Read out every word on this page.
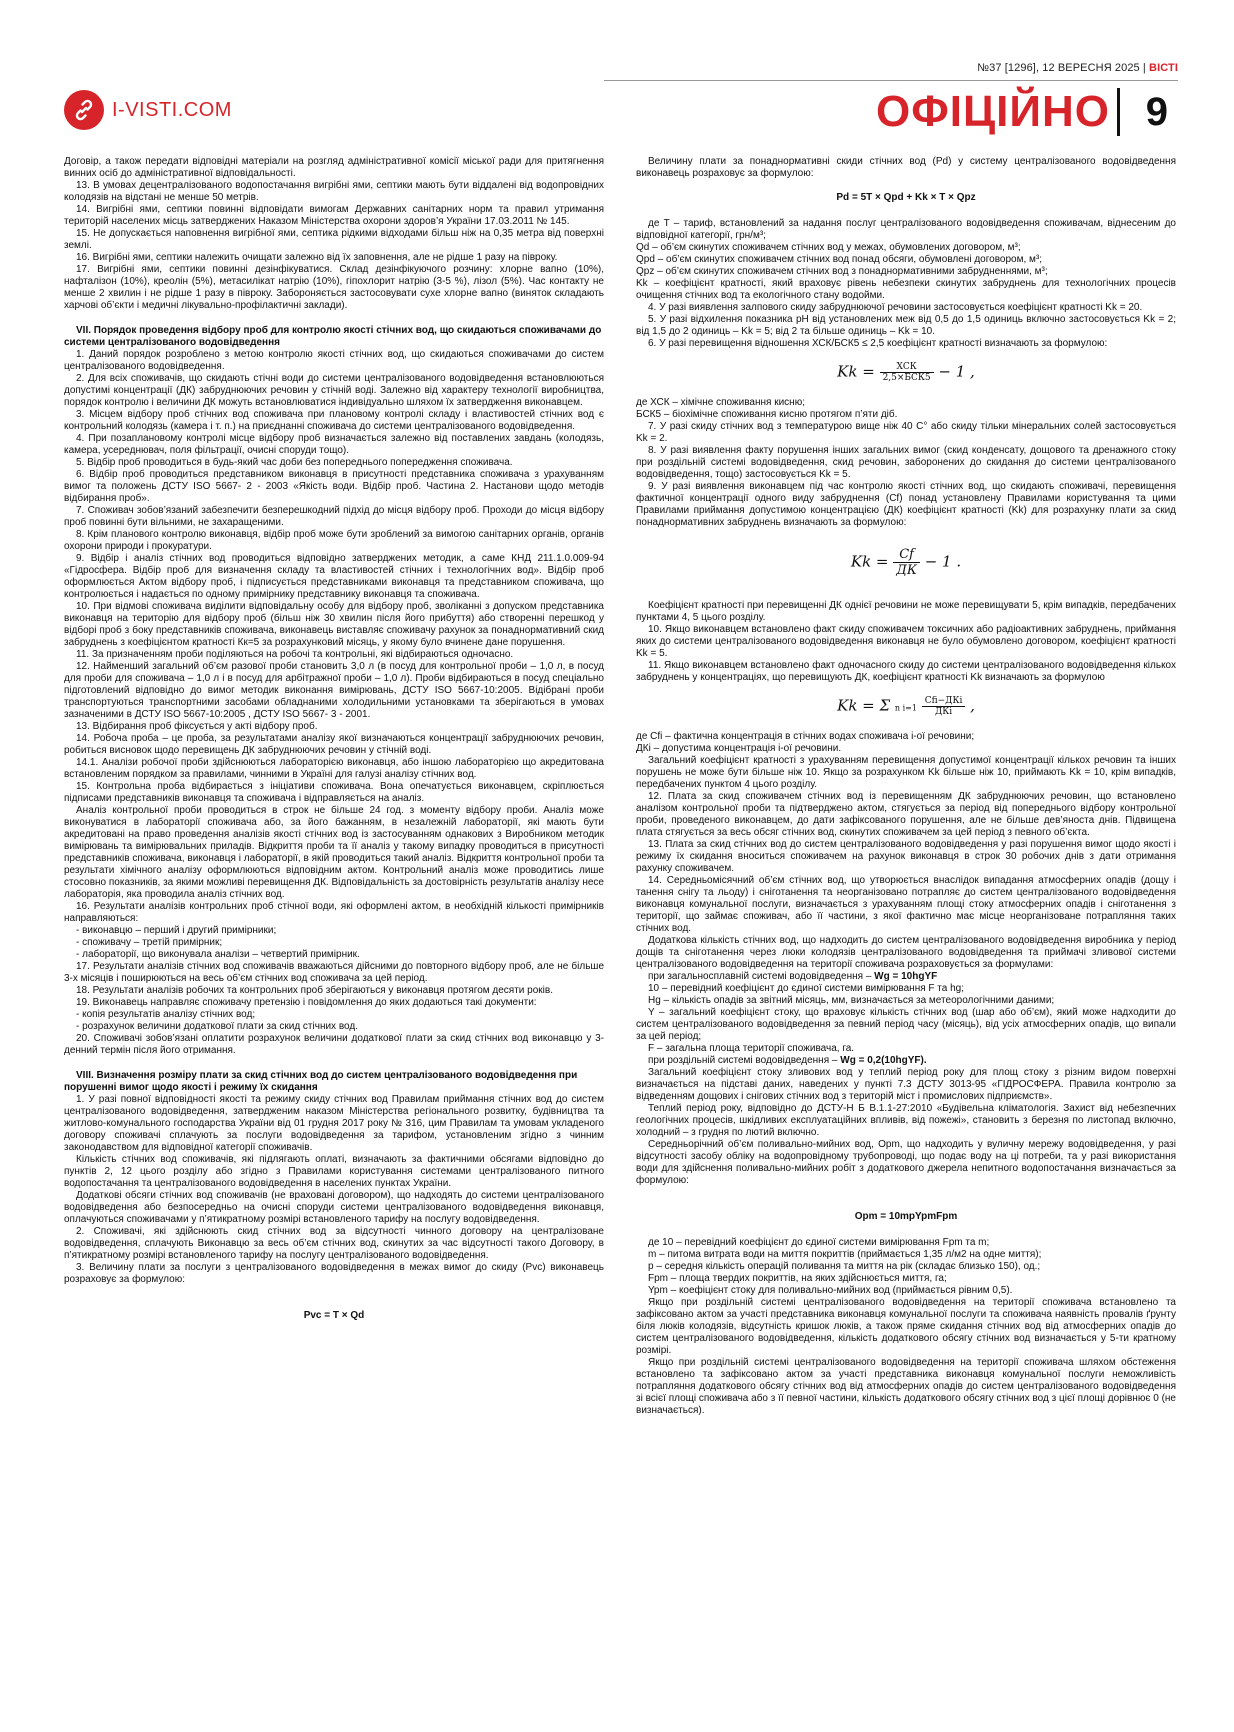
№37 [1296], 12 ВЕРЕСНЯ 2025 | ВІСТІ
I-VISTI.COM	ОФІЦІЙНО 9

Договір, а також передати відповідні матеріали на розгляд адміністративної комісії міської ради для притягнення винних осіб до адміністративної відповідальності.

13. В умовах децентралізованого водопостачання вигрібні ями, септики мають бути віддалені від водопровідних колодязів на відстані не менше 50 метрів.

14. Вигрібні ями, септики повинні відповідати вимогам Державних санітарних норм та правил утримання територій населених місць затверджених Наказом Міністерства охорони здоров’я України 17.03.2011 № 145.

15. Не допускається наповнення вигрібної ями, септика рідкими відходами більш ніж на 0,35 метра від поверхні землі.

16. Вигрібні ями, септики належить очищати залежно від їх заповнення, але не рідше 1 разу на півроку.

17. Вигрібні ями, септики повинні дезінфікуватися. Склад дезінфікуючого розчину: хлорне вапно (10%), нафталізон (10%), креолін (5%), метасилікат натрію (10%), гіпохлорит натрію (3-5 %), лізол (5%). Час контакту не менше 2 хвилин і не рідше 1 разу в півроку. Забороняється застосовувати сухе хлорне вапно (виняток складають харчові об’єкти і медичні лікувально-профілактичні заклади).

VII. Порядок проведення відбору проб для контролю якості стічних вод, що скидаються споживачами до системи централізованого водовідведення

1. Даний порядок розроблено з метою контролю якості стічних вод, що скидаються споживачами до систем централізованого водовідведення.

2. Для всіх споживачів, що скидають стічні води до системи централізованого водовідведення встановлюються допустимі концентрації (ДК) забруднюючих речовин у стічній воді. Залежно від характеру технології виробництва, порядок контролю і величини ДК можуть встановлюватися індивідуально шляхом їх затвердження виконавцем.

3. Місцем відбору проб стічних вод споживача при плановому контролі складу і властивостей стічних вод є контрольний колодязь (камера і т. п.) на приєднанні споживача до системи централізованого водовідведення.

4. При позаплановому контролі місце відбору проб визначається залежно від поставлених завдань (колодязь, камера, усереднювач, поля фільтрації, очисні споруди тощо).

5. Відбір проб проводиться в будь-який час доби без попереднього попередження споживача.

6. Відбір проб проводиться представником виконавця в присутності представника споживача з урахуванням вимог та положень ДСТУ ISO 5667- 2 - 2003 «Якість води. Відбір проб. Частина 2. Настанови щодо методів відбирання проб».

7. Споживач зобов’язаний забезпечити безперешкодний підхід до місця відбору проб. Проходи до місця відбору проб повинні бути вільними, не захаращеними.

8. Крім планового контролю виконавця, відбір проб може бути зроблений за вимогою санітарних органів, органів охорони природи і прокуратури.

9. Відбір і аналіз стічних вод проводиться відповідно затверджених методик, а саме КНД 211.1.0.009-94 «Гідросфера. Відбір проб для визначення складу та властивостей стічних і технологічних вод». Відбір проб оформлюється Актом відбору проб, і підписується представниками виконавця та представником споживача, що контролюється і надається по одному примірнику представнику виконавця та споживача.

10. При відмові споживача виділити відповідальну особу для відбору проб, зволіканні з допуском представника виконавця на територію для відбору проб (більш ніж 30 хвилин після його прибуття) або створенні перешкод у відборі проб з боку представників споживача, виконавець виставляє споживачу рахунок за понаднормативний скид забруднень з коефіцієнтом кратності Кк=5 за розрахунковий місяць, у якому було вчинене дане порушення.

11. За призначенням проби поділяються на робочі та контрольні, які відбираються одночасно.

12. Найменший загальний об’єм разової проби становить 3,0 л (в посуд для контрольної проби – 1,0 л, в посуд для проби для споживача – 1,0 л і в посуд для арбітражної проби – 1,0 л). Проби відбираються в посуд спеціально підготовлений відповідно до вимог методик виконання вимірювань, ДСТУ ISO 5667-10:2005. Відібрані проби транспортуються транспортними засобами обладнаними холодильними установками та зберігаються в умовах зазначеними в ДСТУ ISO 5667-10:2005 , ДСТУ ISO 5667- 3 - 2001.

13. Відбирання проб фіксується у акті відбору проб.

14. Робоча проба – це проба, за результатами аналізу якої визначаються концентрації забруднюючих речовин, робиться висновок щодо перевищень ДК забруднюючих речовин у стічній воді.

14.1. Аналізи робочої проби здійснюються лабораторією виконавця, або іншою лабораторією що акредитована встановленим порядком за правилами, чинними в Україні для галузі аналізу стічних вод.

15. Контрольна проба відбирається з ініціативи споживача. Вона опечатується виконавцем, скріплюється підписами представників виконавця та споживача і відправляється на аналіз.

Аналіз контрольної проби проводиться в строк не більше 24 год. з моменту відбору проби. Аналіз може виконуватися в лабораторії споживача або, за його бажанням, в незалежній лабораторії, які мають бути акредитовані на право проведення аналізів якості стічних вод із застосуванням однакових з Виробником методик вимірювань та вимірювальних приладів. Відкриття проби та її аналіз у такому випадку проводиться в присутності представників споживача, виконавця і лабораторії, в якій проводиться такий аналіз. Відкриття контрольної проби та результати хімічного аналізу оформлюються відповідним актом. Контрольний аналіз може проводитись лише стосовно показників, за якими можливі перевищення ДК. Відповідальність за достовірність результатів аналізу несе лабораторія, яка проводила аналіз стічних вод.

16. Результати аналізів контрольних проб стічної води, які оформлені актом, в необхідній кількості примірників направляються:

- виконавцю – перший і другий примірники;

- споживачу – третій примірник;

- лабораторії, що виконувала аналізи – четвертий примірник.

17. Результати аналізів стічних вод споживачів вважаються дійсними до повторного відбору проб, але не більше 3-х місяців і поширюються на весь об’єм стічних вод споживача за цей період.

18. Результати аналізів робочих та контрольних проб зберігаються у виконавця протягом десяти років.

19. Виконавець направляє споживачу претензію і повідомлення до яких додаються такі документи:

- копія результатів аналізу стічних вод;

- розрахунок величини додаткової плати за скид стічних вод.

20. Споживачі зобов’язані оплатити розрахунок величини додаткової плати за скид стічних вод виконавцю у 3-денний термін після його отримання.

VIII. Визначення розміру плати за скид стічних вод до систем централізованого водовідведення при порушенні вимог щодо якості і режиму їх скидання

1. У разі повної відповідності якості та режиму скиду стічних вод Правилам приймання стічних вод до систем централізованого водовідведення, затвердженим наказом Міністерства регіонального розвитку, будівництва та житлово-комунального господарства України від 01 грудня 2017 року № 316, цим Правилам та умовам укладеного договору споживачі сплачують за послуги водовідведення за тарифом, установленим згідно з чинним законодавством для відповідної категорії споживачів.

Кількість стічних вод споживачів, які підлягають оплаті, визначають за фактичними обсягами відповідно до пунктів 2, 12 цього розділу або згідно з Правилами користування системами централізованого питного водопостачання та централізованого водовідведення в населених пунктах України.

Додаткові обсяги стічних вод споживачів (не враховані договором), що надходять до системи централізованого водовідведення або безпосередньо на очисні споруди системи централізованого водовідведення виконавця, оплачуються споживачами у п’ятикратному розмірі встановленого тарифу на послугу водовідведення.

2. Споживачі, які здійснюють скид стічних вод за відсутності чинного договору на централізоване водовідведення, сплачують Виконавцю за весь об’єм стічних вод, скинутих за час відсутності такого Договору, в п’ятикратному розмірі встановленого тарифу на послугу централізованого водовідведення.

3. Величину плати за послуги з централізованого водовідведення в межах вимог до скиду (Pvc) виконавець розраховує за формулою:

Pvc = T × Qd

Величину плати за понаднормативні скиди стічних вод (Pd) у систему централізованого водовідведення виконавець розраховує за формулою:

Pd = 5T × Qpd + Kk × T × Qpz

де T – тариф, встановлений за надання послуг централізованого водовідведення споживачам, віднесеним до відповідної категорії, грн/м³;

Qd – об’єм скинутих споживачем стічних вод у межах, обумовлених договором, м³;

Qpd – об’єм скинутих споживачем стічних вод понад обсяги, обумовлені договором, м³;

Qpz – об’єм скинутих споживачем стічних вод з понаднормативними забрудненнями, м³;

Kk – коефіцієнт кратності, який враховує рівень небезпеки скинутих забруднень для технологічних процесів очищення стічних вод та екологічного стану водойми.

4. У разі виявлення залпового скиду забруднюючої речовини застосовується коефіцієнт кратності Kk = 20.

5. У разі відхилення показника pH від установлених меж від 0,5 до 1,5 одиниць включно застосовується Kk = 2; від 1,5 до 2 одиниць – Kk = 5; від 2 та більше одиниць – Kk = 10.

6. У разі перевищення відношення ХСК/БСК5 ≤ 2,5 коефіцієнт кратності визначають за формулою:

$Kk = \frac{\text{ХСК}}{\text{2,5×БСК5}} - 1$ ,

де ХСК – хімічне споживання кисню;

БСК5 – біохімічне споживання кисню протягом п’яти діб.

7. У разі скиду стічних вод з температурою вище ніж 40 С° або скиду тільки мінеральних солей застосовується Kk = 2.

8. У разі виявлення факту порушення інших загальних вимог (скид конденсату, дощового та дренажного стоку при роздільній системі водовідведення, скид речовин, заборонених до скидання до системи централізованого водовідведення, тощо) застосовується Kk = 5.

9. У разі виявлення виконавцем під час контролю якості стічних вод, що скидають споживачі, перевищення фактичної концентрації одного виду забруднення (Cf) понад установлену Правилами користування та цими Правилами приймання допустимою концентрацією (ДК) коефіцієнт кратності (Kk) для розрахунку плати за скид понаднормативних забруднень визначають за формулою:

$Kk = \frac{Cf}{ДК} - 1$ .

Коефіцієнт кратності при перевищенні ДК однієї речовини не може перевищувати 5, крім випадків, передбачених пунктами 4, 5 цього розділу.

10. Якщо виконавцем встановлено факт скиду споживачем токсичних або радіоактивних забруднень, приймання яких до системи централізованого водовідведення виконавця не було обумовлено договором, коефіцієнт кратності Kk = 5.

11. Якщо виконавцем встановлено факт одночасного скиду до системи централізованого водовідведення кількох забруднень у концентраціях, що перевищують ДК, коефіцієнт кратності Kk визначають за формулою

Kk = Σ n $i=1 \frac{\text{Cfi−ДКi}}{\text{ДКi}}$ ,

де Cfi – фактична концентрація в стічних водах споживача i-ої речовини;

ДКi – допустима концентрація i-ої речовини.

Загальний коефіцієнт кратності з урахуванням перевищення допустимої концентрації кількох речовин та інших порушень не може бути більше ніж 10. Якщо за розрахунком Kk більше ніж 10, приймають Kk = 10, крім випадків, передбачених пунктом 4 цього розділу.

12. Плата за скид споживачем стічних вод із перевищенням ДК забруднюючих речовин, що встановлено аналізом контрольної проби та підтверджено актом, стягується за період від попереднього відбору контрольної проби, проведеного виконавцем, до дати зафіксованого порушення, але не більше дев’яноста днів. Підвищена плата стягується за весь обсяг стічних вод, скинутих споживачем за цей період з певного об’єкта.

13. Плата за скид стічних вод до систем централізованого водовідведення у разі порушення вимог щодо якості і режиму їх скидання вноситься споживачем на рахунок виконавця в строк 30 робочих днів з дати отримання рахунку споживачем.

14. Середньомісячний об’єм стічних вод, що утворюється внаслідок випадання атмосферних опадів (дощу і танення снігу та льоду) і сніготанення та неорганізовано потрапляє до систем централізованого водовідведення виконавця комунальної послуги, визначається з урахуванням площі стоку атмосферних опадів і сніготанення з території, що займає споживач, або її частини, з якої фактично має місце неорганізоване потрапляння таких стічних вод.

Додаткова кількість стічних вод, що надходить до систем централізованого водовідведення виробника у період дощів та сніготанення через люки колодязів централізованого водовідведення та приймачі зливової системи централізованого водовідведення на території споживача розраховується за формулами:

при загальносплавній системі водовідведення – Wg = 10hgYF

10 – перевідний коефіцієнт до єдиної системи вимірювання F та hg;

Hg – кількість опадів за звітний місяць, мм, визначається за метеорологічними даними;

Y – загальний коефіцієнт стоку, що враховує кількість стічних вод (шар або об’єм), який може надходити до систем централізованого водовідведення за певний період часу (місяць), від усіх атмосферних опадів, що випали за цей період;

F – загальна площа території споживача, га.

при роздільній системі водовідведення – Wg = 0,2(10hgYF).

Загальний коефіцієнт стоку зливових вод у теплий період року для площ стоку з різним видом поверхні визначається на підставі даних, наведених у пункті 7.3 ДСТУ 3013-95 «ГІДРОСФЕРА. Правила контролю за відведенням дощових і снігових стічних вод з територій міст і промислових підприємств».

Теплий період року, відповідно до ДСТУ-Н Б В.1.1-27:2010 «Будівельна кліматологія. Захист від небезпечних геологічних процесів, шкідливих експлуатаційних впливів, від пожежі», становить з березня по листопад включно, холодний – з грудня по лютий включно.

Середньорічний об’єм поливально-мийних вод, Opm, що надходить у вуличну мережу водовідведення, у разі відсутності засобу обліку на водопровідному трубопроводі, що подає воду на ці потреби, та у разі використання води для здійснення поливально-мийних робіт з додаткового джерела непитного водопостачання визначається за формулою:

Opm = 10mpYpmFpm

де 10 – перевідний коефіцієнт до єдиної системи вимірювання Fpm та m;

m – питома витрата води на миття покриттів (приймається 1,35 л/м2 на одне миття);

p – середня кількість операцій поливання та миття на рік (складає близько 150), од.;

Fpm – площа твердих покриттів, на яких здійснюється миття, га;

Ypm – коефіцієнт стоку для поливально-мийних вод (приймається рівним 0,5).

Якщо при роздільній системі централізованого водовідведення на території споживача встановлено та зафіксовано актом за участі представника виконавця комунальної послуги та споживача наявність провалів ґрунту біля люків колодязів, відсутність кришок люків, а також пряме скидання стічних вод від атмосферних опадів до систем централізованого водовідведення, кількість додаткового обсягу стічних вод визначається у 5-ти кратному розмірі.

Якщо при роздільній системі централізованого водовідведення на території споживача шляхом обстеження встановлено та зафіксовано актом за участі представника виконавця комунальної послуги неможливість потрапляння додаткового обсягу стічних вод від атмосферних опадів до систем централізованого водовідведення зі всієї площі споживача або з її певної частини, кількість додаткового обсягу стічних вод з цієї площі дорівнює 0 (не визначається).
